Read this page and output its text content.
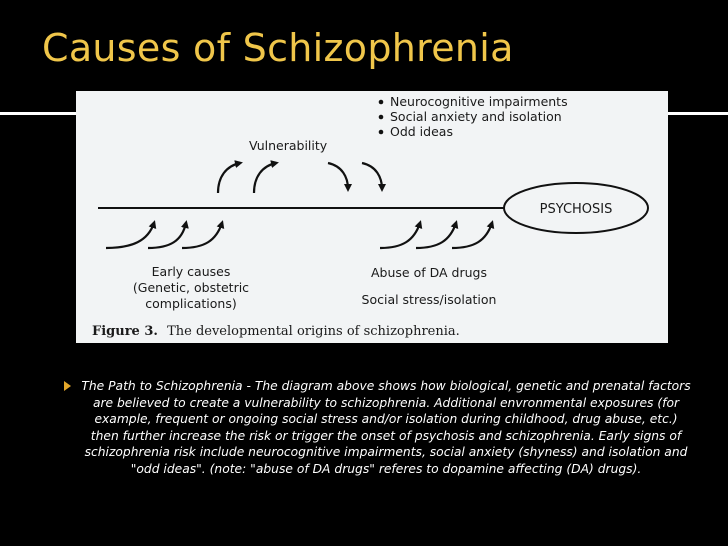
Causes of Schizophrenia
Neurocognitive impairments
Social anxiety and isolation
Odd ideas
Vulnerability
PSYCHOSIS
Early causes
(Genetic, obstetric
complications)
Abuse of DA drugs
Social stress/isolation
Figure 3. The developmental origins of schizophrenia.
The Path to Schizophrenia - The diagram above shows how biological, genetic and prenatal factors are believed to create a vulnerability to schizophrenia. Additional envronmental exposures (for example, frequent or ongoing social stress and/or isolation during childhood, drug abuse, etc.) then further increase the risk or trigger the onset of psychosis and schizophrenia. Early signs of schizophrenia risk include neurocognitive impairments, social anxiety (shyness) and isolation and "odd ideas". (note: "abuse of DA drugs" referes to dopamine affecting (DA) drugs).
